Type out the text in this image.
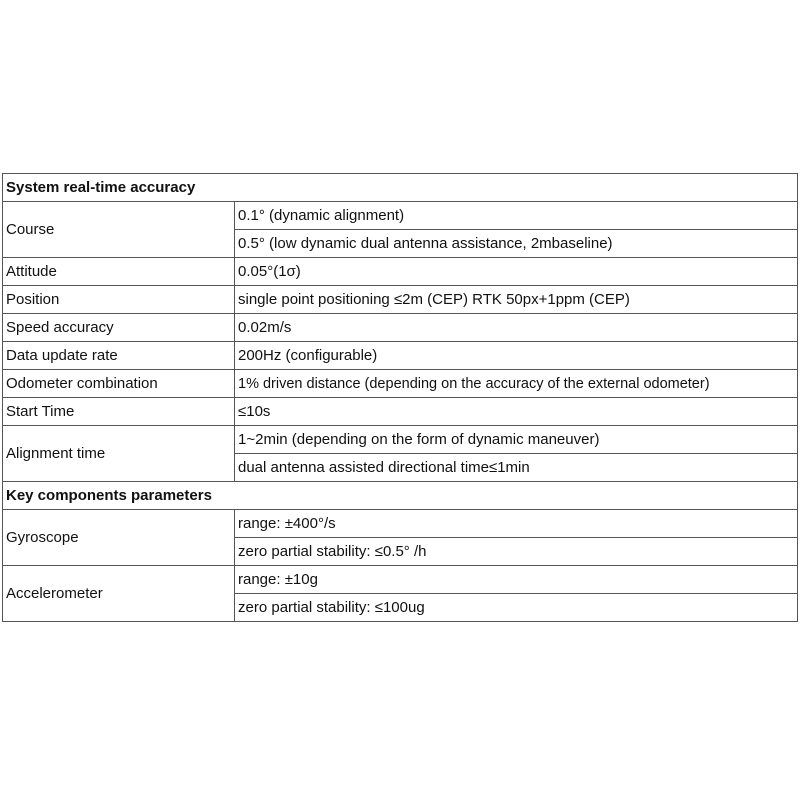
System real-time accuracy	
Course	0.1° (dynamic alignment)
	0.5° (low dynamic dual antenna assistance, 2mbaseline)
Attitude	0.05°(1σ)
Position	single point positioning ≤2m (CEP) RTK 50px+1ppm (CEP)
Speed accuracy	0.02m/s
Data update rate	200Hz (configurable)
Odometer combination	1% driven distance (depending on the accuracy of the external odometer)
Start Time	≤10s
Alignment time	1~2min (depending on the form of dynamic maneuver)
	dual antenna assisted directional time≤1min
Key components parameters	
Gyroscope	range: ±400°/s
	zero partial stability: ≤0.5° /h
Accelerometer	range: ±10g
	zero partial stability: ≤100ug
